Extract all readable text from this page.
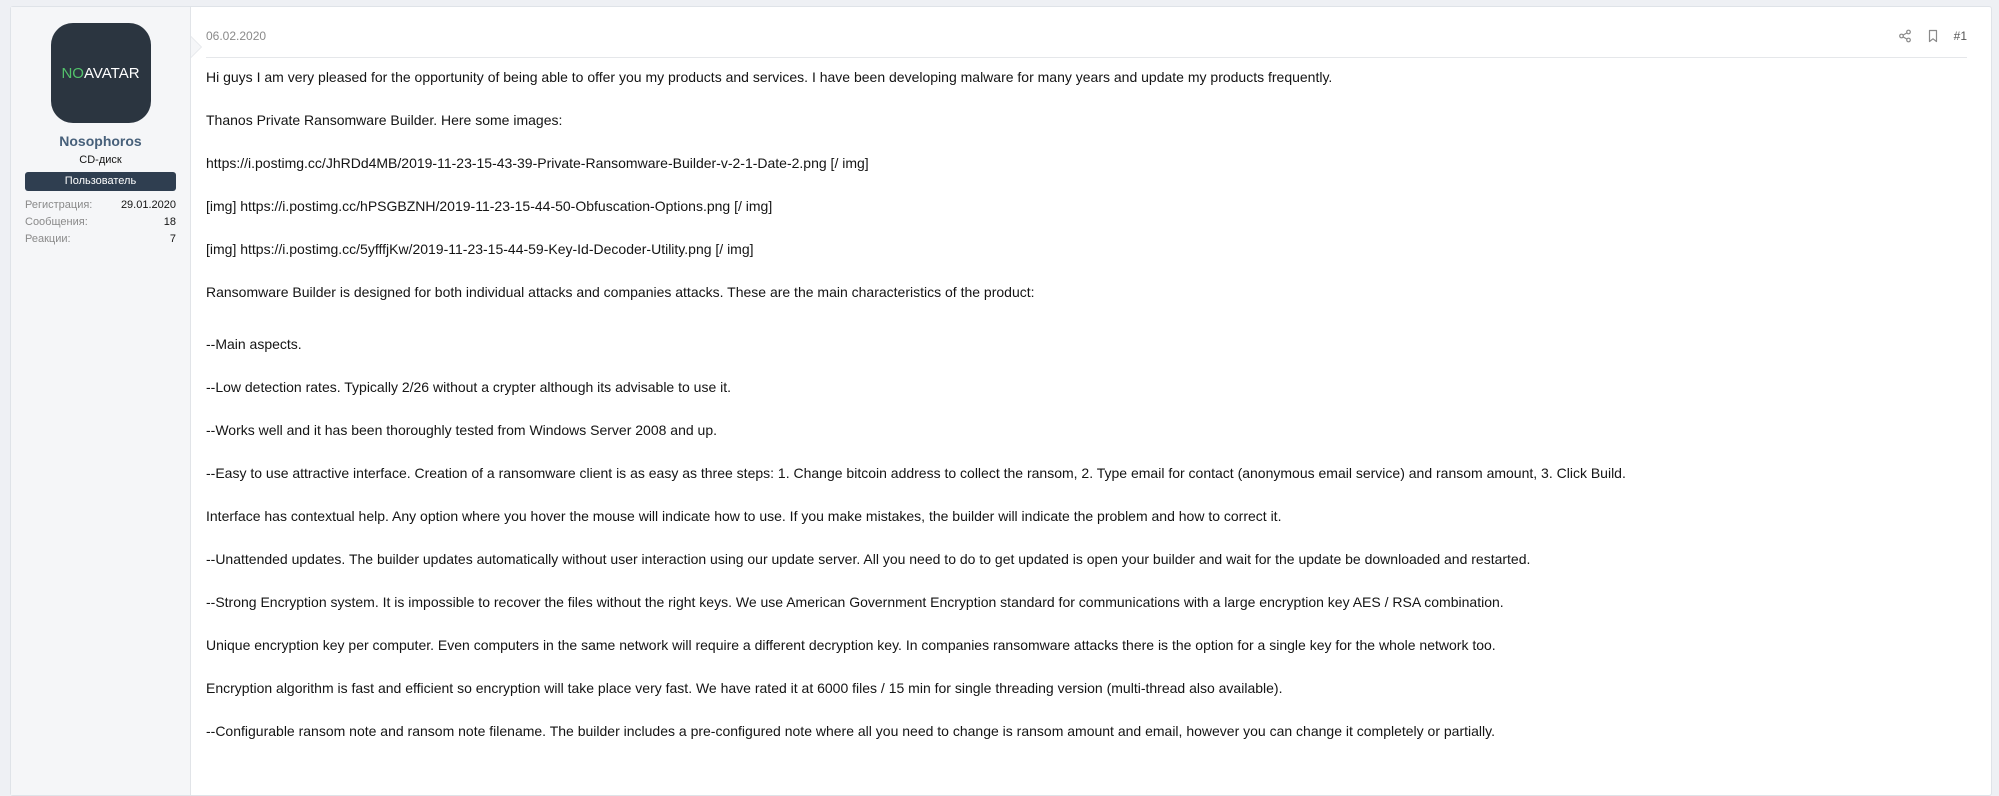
NO AVATAR
Nosophoros
CD-диск
Пользователь
Регистрация:	29.01.2020
Сообщения:	18
Реакции:	7
06.02.2020	#1

Hi guys I am very pleased for the opportunity of being able to offer you my products and services. I have been developing malware for many years and update my products frequently.

Thanos Private Ransomware Builder. Here some images:

https://i.postimg.cc/JhRDd4MB/2019-11-23-15-43-39-Private-Ransomware-Builder-v-2-1-Date-2.png [/ img]

[img] https://i.postimg.cc/hPSGBZNH/2019-11-23-15-44-50-Obfuscation-Options.png [/ img]

[img] https://i.postimg.cc/5yfffjKw/2019-11-23-15-44-59-Key-Id-Decoder-Utility.png [/ img]

Ransomware Builder is designed for both individual attacks and companies attacks. These are the main characteristics of the product:

--Main aspects.

--Low detection rates. Typically 2/26 without a crypter although its advisable to use it.

--Works well and it has been thoroughly tested from Windows Server 2008 and up.

--Easy to use attractive interface. Creation of a ransomware client is as easy as three steps: 1. Change bitcoin address to collect the ransom, 2. Type email for contact (anonymous email service) and ransom amount, 3. Click Build.

Interface has contextual help. Any option where you hover the mouse will indicate how to use. If you make mistakes, the builder will indicate the problem and how to correct it.

--Unattended updates. The builder updates automatically without user interaction using our update server. All you need to do to get updated is open your builder and wait for the update be downloaded and restarted.

--Strong Encryption system. It is impossible to recover the files without the right keys. We use American Government Encryption standard for communications with a large encryption key AES / RSA combination.

Unique encryption key per computer. Even computers in the same network will require a different decryption key. In companies ransomware attacks there is the option for a single key for the whole network too.

Encryption algorithm is fast and efficient so encryption will take place very fast. We have rated it at 6000 files / 15 min for single threading version (multi-thread also available).

--Configurable ransom note and ransom note filename. The builder includes a pre-configured note where all you need to change is ransom amount and email, however you can change it completely or partially.
